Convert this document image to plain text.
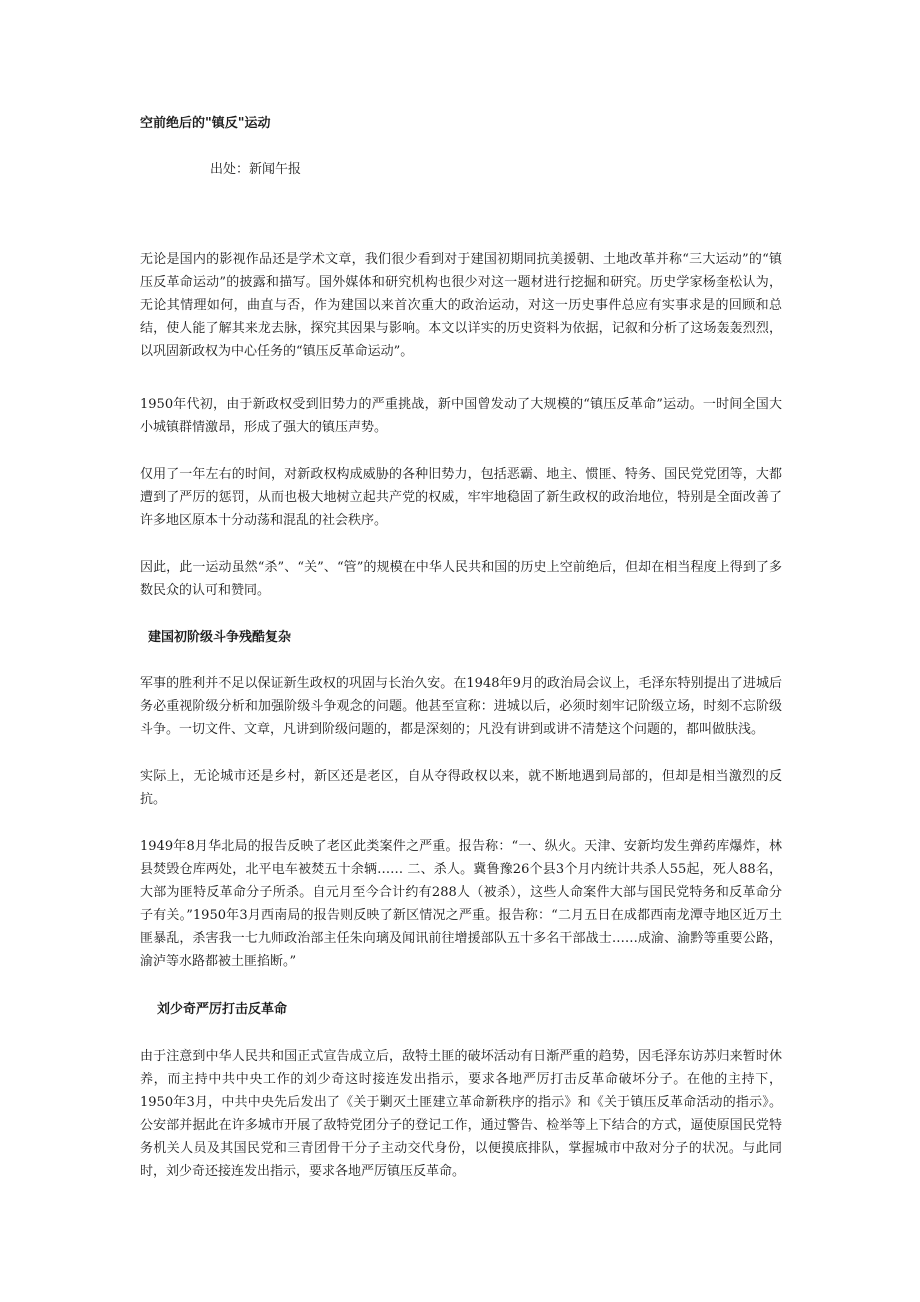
空前绝后的"镇反"运动

出处：新闻午报

无论是国内的影视作品还是学术文章，我们很少看到对于建国初期同抗美援朝、土地改革并称“三大运动”的“镇压反革命运动”的披露和描写。国外媒体和研究机构也很少对这一题材进行挖掘和研究。历史学家杨奎松认为，无论其情理如何，曲直与否，作为建国以来首次重大的政治运动，对这一历史事件总应有实事求是的回顾和总结，使人能了解其来龙去脉，探究其因果与影响。本文以详实的历史资料为依据，记叙和分析了这场轰轰烈烈，以巩固新政权为中心任务的“镇压反革命运动”。

1950年代初，由于新政权受到旧势力的严重挑战，新中国曾发动了大规模的“镇压反革命”运动。一时间全国大小城镇群情激昂，形成了强大的镇压声势。

仅用了一年左右的时间，对新政权构成威胁的各种旧势力，包括恶霸、地主、惯匪、特务、国民党党团等，大都遭到了严厉的惩罚，从而也极大地树立起共产党的权威，牢牢地稳固了新生政权的政治地位，特别是全面改善了许多地区原本十分动荡和混乱的社会秩序。

因此，此一运动虽然“杀”、“关”、“管”的规模在中华人民共和国的历史上空前绝后，但却在相当程度上得到了多数民众的认可和赞同。

建国初阶级斗争残酷复杂

军事的胜利并不足以保证新生政权的巩固与长治久安。在1948年9月的政治局会议上，毛泽东特别提出了进城后务必重视阶级分析和加强阶级斗争观念的问题。他甚至宣称：进城以后，必须时刻牢记阶级立场，时刻不忘阶级斗争。一切文件、文章，凡讲到阶级问题的，都是深刻的；凡没有讲到或讲不清楚这个问题的，都叫做肤浅。

实际上，无论城市还是乡村，新区还是老区，自从夺得政权以来，就不断地遇到局部的，但却是相当激烈的反抗。

1949年8月华北局的报告反映了老区此类案件之严重。报告称：“一、纵火。天津、安新均发生弹药库爆炸，林县焚毁仓库两处，北平电车被焚五十余辆…… 二、杀人。冀鲁豫26个县3个月内统计共杀人55起，死人88名，大部为匪特反革命分子所杀。自元月至今合计约有288人（被杀），这些人命案件大部与国民党特务和反革命分子有关。”1950年3月西南局的报告则反映了新区情况之严重。报告称：“二月五日在成都西南龙潭寺地区近万土匪暴乱，杀害我一七九师政治部主任朱向璃及闻讯前往增援部队五十多名干部战士……成渝、渝黔等重要公路，渝泸等水路都被土匪掐断。”

刘少奇严厉打击反革命

由于注意到中华人民共和国正式宣告成立后，敌特土匪的破坏活动有日渐严重的趋势，因毛泽东访苏归来暂时休养，而主持中共中央工作的刘少奇这时接连发出指示，要求各地严厉打击反革命破坏分子。在他的主持下，1950年3月，中共中央先后发出了《关于剿灭土匪建立革命新秩序的指示》和《关于镇压反革命活动的指示》。公安部并据此在许多城市开展了敌特党团分子的登记工作，通过警告、检举等上下结合的方式，逼使原国民党特务机关人员及其国民党和三青团骨干分子主动交代身份，以便摸底排队，掌握城市中敌对分子的状况。与此同时，刘少奇还接连发出指示，要求各地严厉镇压反革命。
